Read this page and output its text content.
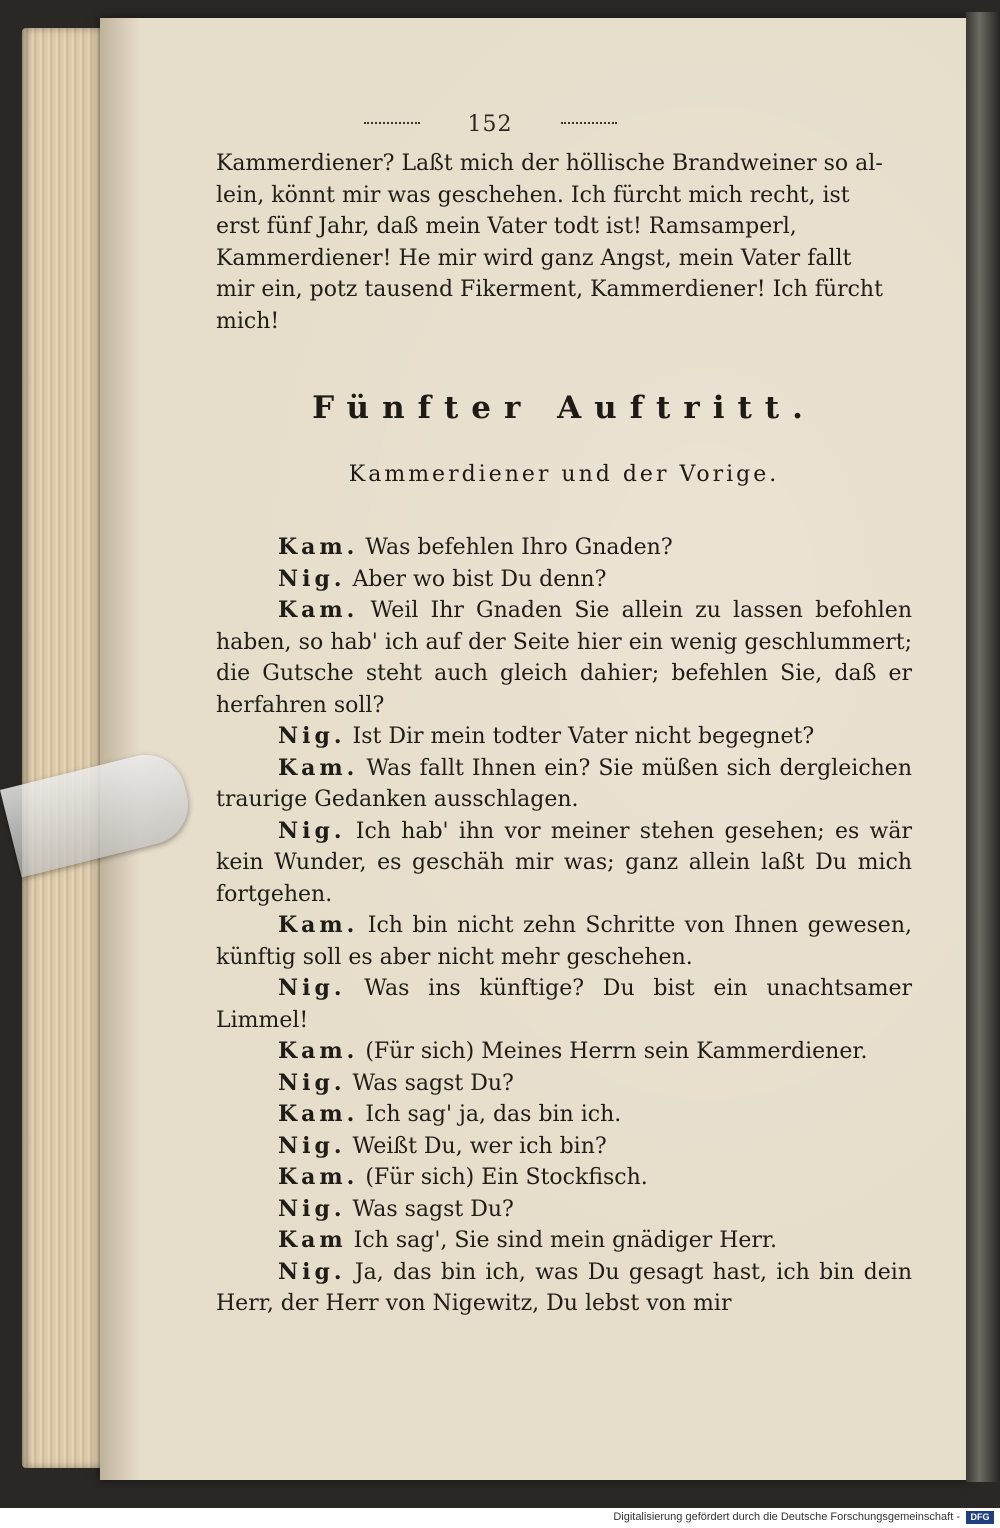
152

Kammerdiener? Laßt mich der höllische Brandweiner so al-

lein, könnt mir was geschehen. Ich fürcht mich recht, ist

erst fünf Jahr, daß mein Vater todt ist! Ramsamperl,

Kammerdiener! He mir wird ganz Angst, mein Vater fallt

mir ein, potz tausend Fikerment, Kammerdiener! Ich fürcht

mich!

Fünfter Auftritt.
Kammerdiener und der Vorige.

Kam. Was befehlen Ihro Gnaden?

Nig. Aber wo bist Du denn?

Kam. Weil Ihr Gnaden Sie allein zu lassen befohlen haben, so hab' ich auf der Seite hier ein wenig geschlummert; die Gutsche steht auch gleich dahier; befehlen Sie, daß er herfahren soll?

Nig. Ist Dir mein todter Vater nicht begegnet?

Kam. Was fallt Ihnen ein? Sie müßen sich dergleichen traurige Gedanken ausschlagen.

Nig. Ich hab' ihn vor meiner stehen gesehen; es wär kein Wunder, es geschäh mir was; ganz allein laßt Du mich fortgehen.

Kam. Ich bin nicht zehn Schritte von Ihnen gewesen, künftig soll es aber nicht mehr geschehen.

Nig. Was ins künftige? Du bist ein unachtsamer Limmel!

Kam. (Für sich) Meines Herrn sein Kammerdiener.

Nig. Was sagst Du?

Kam. Ich sag' ja, das bin ich.

Nig. Weißt Du, wer ich bin?

Kam. (Für sich) Ein Stockfisch.

Nig. Was sagst Du?

Kam Ich sag', Sie sind mein gnädiger Herr.

Nig. Ja, das bin ich, was Du gesagt hast, ich bin dein Herr, der Herr von Nigewitz, Du lebst von mir

Digitalisierung gefördert durch die Deutsche Forschungsgemeinschaft -	DFG
